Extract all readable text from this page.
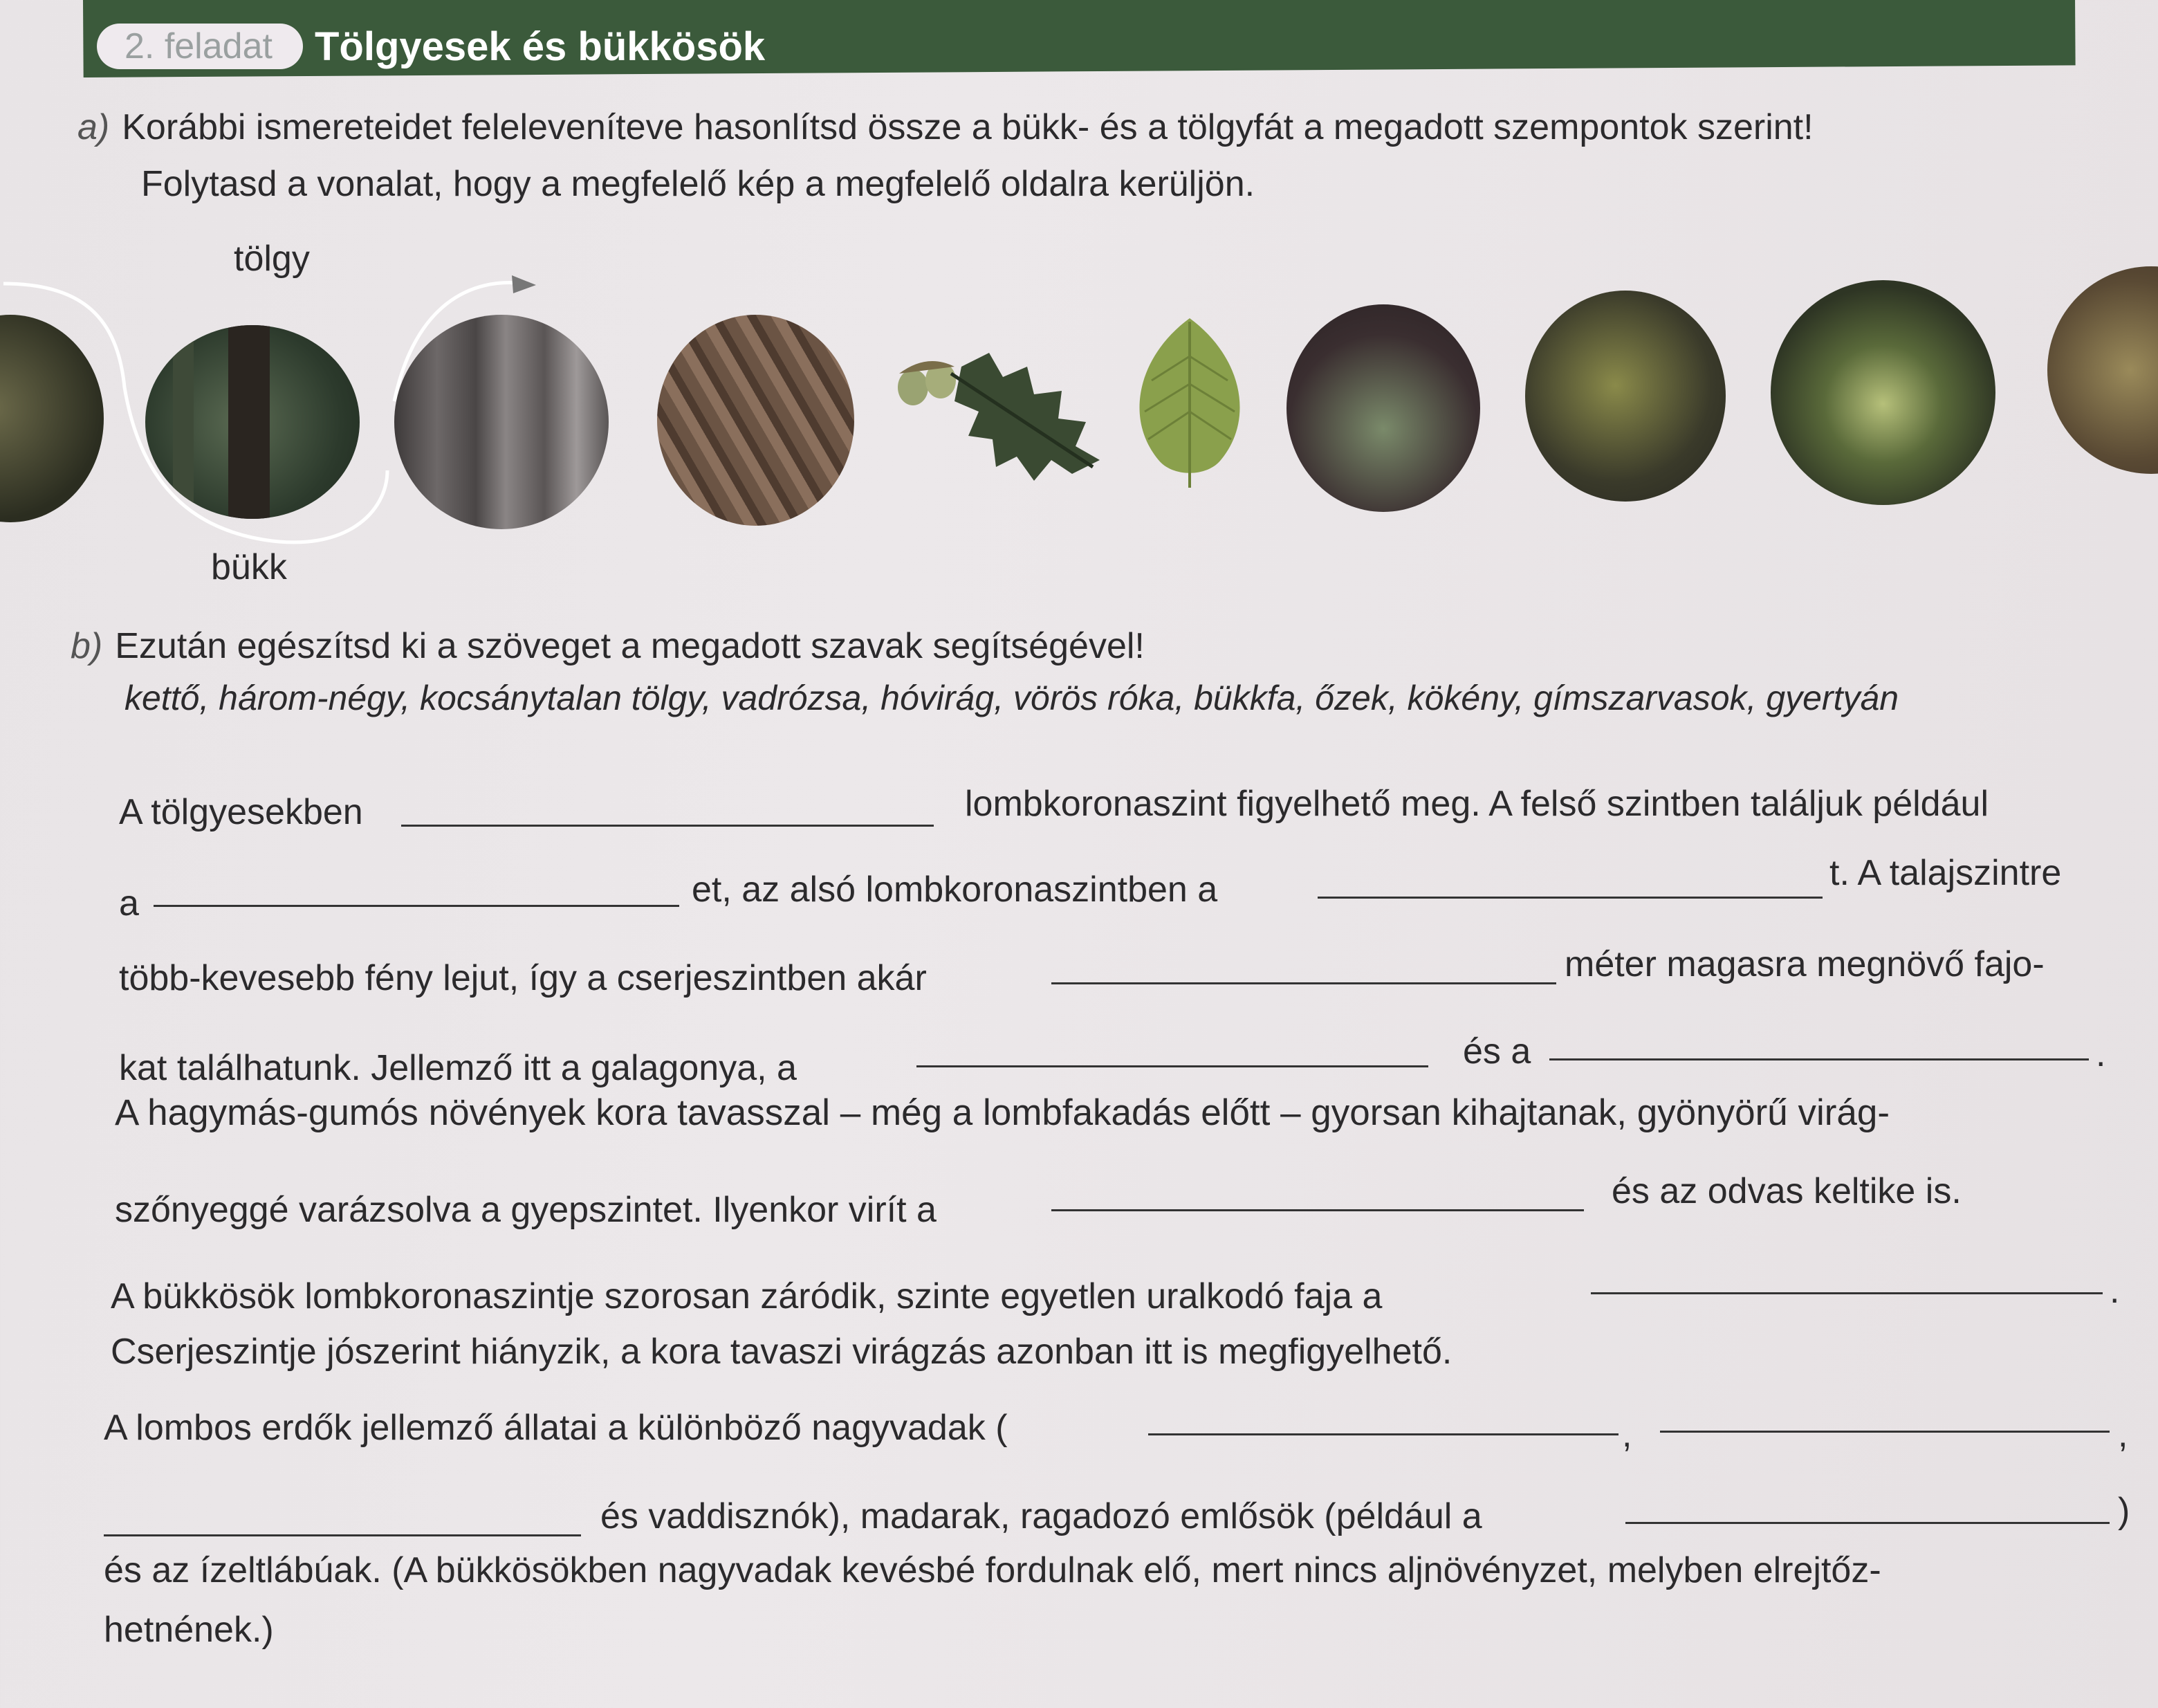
2. feladat	Tölgyesek és bükkösök
a) Korábbi ismereteidet feleleveníteve hasonlítsd össze a bükk- és a tölgyfát a megadott szempontok szerint!
Folytasd a vonalat, hogy a megfelelő kép a megfelelő oldalra kerüljön.
tölgy
bükk
b) Ezután egészítsd ki a szöveget a megadott szavak segítségével!
kettő, három-négy, kocsánytalan tölgy, vadrózsa, hóvirág, vörös róka, bükkfa, őzek, kökény, gímszarvasok, gyertyán
A tölgyesekben	lombkoronaszint figyelhető meg. A felső szintben találjuk például
a	et, az alsó lombkoronaszintben a	t. A talajszintre
több-kevesebb fény lejut, így a cserjeszintben akár	méter magasra megnövő fajo-
kat találhatunk. Jellemző itt a galagonya, a	és a	.
A hagymás-gumós növények kora tavasszal – még a lombfakadás előtt – gyorsan kihajtanak, gyönyörű virág-
szőnyeggé varázsolva a gyepszintet. Ilyenkor virít a	és az odvas keltike is.
A bükkösök lombkoronaszintje szorosan záródik, szinte egyetlen uralkodó faja a	.
Cserjeszintje jószerint hiányzik, a kora tavaszi virágzás azonban itt is megfigyelhető.
A lombos erdők jellemző állatai a különböző nagyvadak (	,	,
és vaddisznók), madarak, ragadozó emlősök (például a	)
és az ízeltlábúak. (A bükkösökben nagyvadak kevésbé fordulnak elő, mert nincs aljnövényzet, melyben elrejtőz-
hetnének.)
